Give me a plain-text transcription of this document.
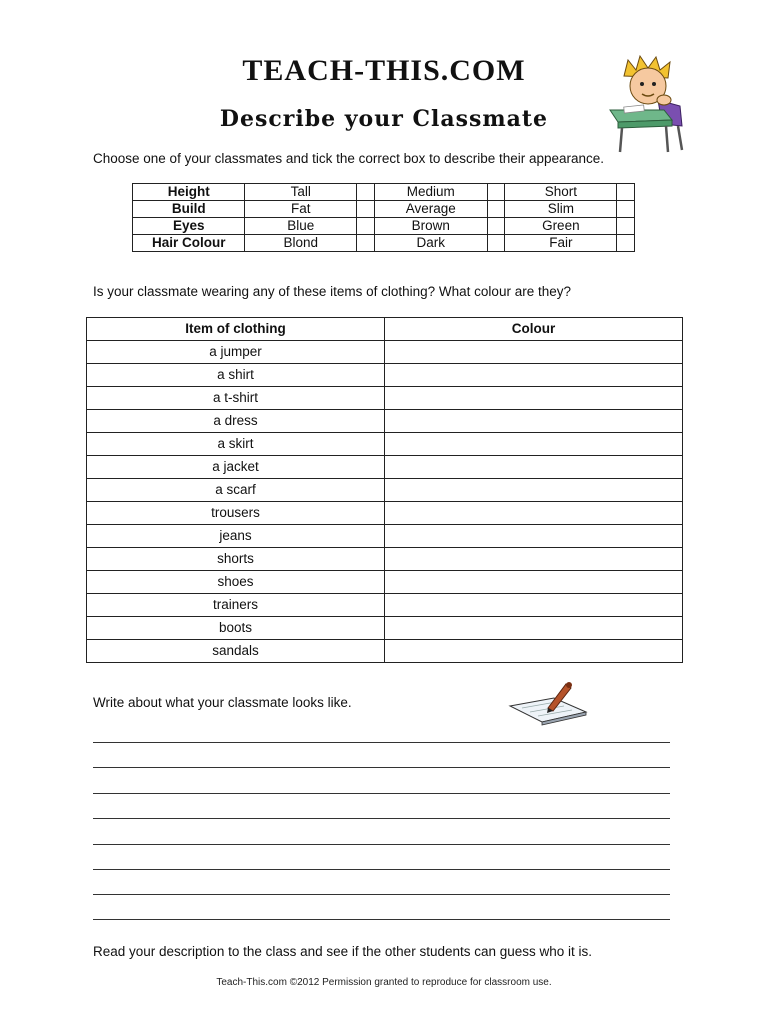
TEACH-THIS.COM
Describe your Classmate
Choose one of your classmates and tick the correct box to describe their appearance.
Height	Tall		Medium		Short	
Build	Fat		Average		Slim	
Eyes	Blue		Brown		Green	
Hair Colour	Blond		Dark		Fair	
Is your classmate wearing any of these items of clothing? What colour are they?
Item of clothing	Colour
a jumper	
a shirt	
a t-shirt	
a dress	
a skirt	
a jacket	
a scarf	
trousers	
jeans	
shorts	
shoes	
trainers	
boots	
sandals	
Write about what your classmate looks like.
Read your description to the class and see if the other students can guess who it is.
Teach-This.com ©2012 Permission granted to reproduce for classroom use.
